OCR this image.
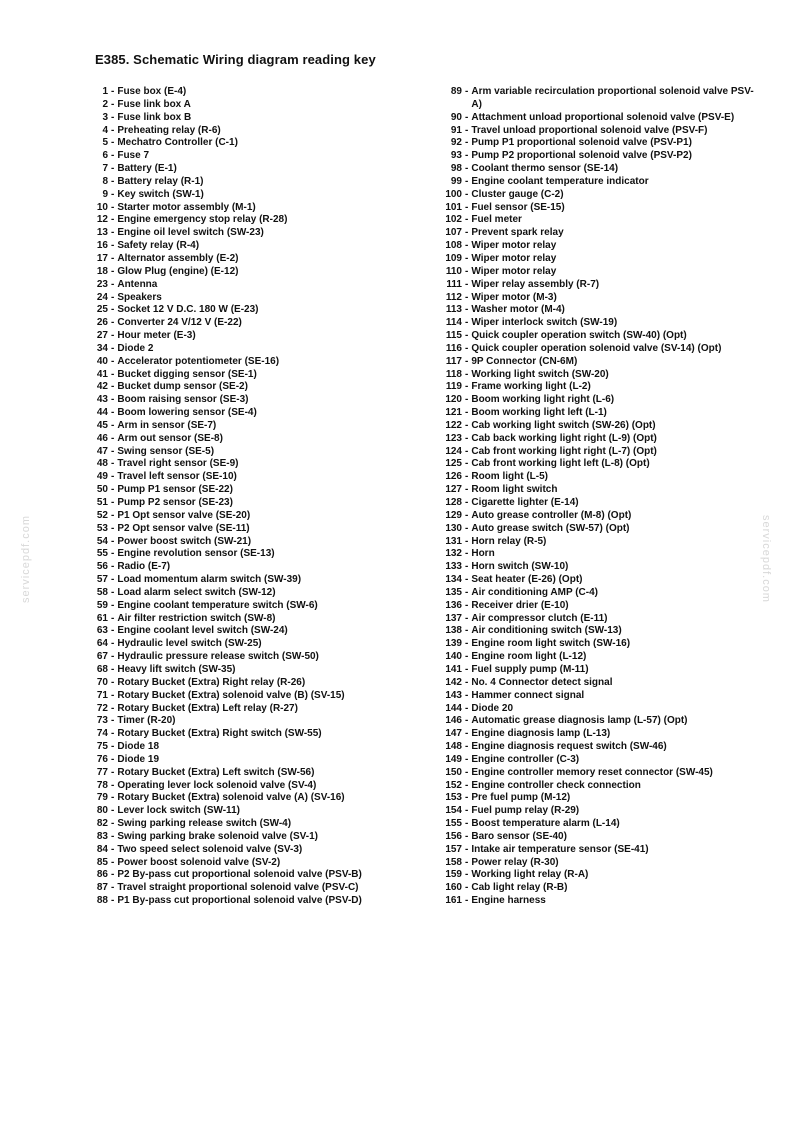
E385. Schematic Wiring diagram reading key
servicepdf.com	servicepdf.com
1 - Fuse box (E-4)
2 - Fuse link box A
3 - Fuse link box B
4 - Preheating relay (R-6)
5 - Mechatro Controller (C-1)
6 - Fuse 7
7 - Battery (E-1)
8 - Battery relay (R-1)
9 - Key switch (SW-1)
10 - Starter motor assembly (M-1)
12 - Engine emergency stop relay (R-28)
13 - Engine oil level switch (SW-23)
16 - Safety relay (R-4)
17 - Alternator assembly (E-2)
18 - Glow Plug (engine) (E-12)
23 - Antenna
24 - Speakers
25 - Socket 12 V D.C. 180 W (E-23)
26 - Converter 24 V/12 V (E-22)
27 - Hour meter (E-3)
34 - Diode 2
40 - Accelerator potentiometer (SE-16)
41 - Bucket digging sensor (SE-1)
42 - Bucket dump sensor (SE-2)
43 - Boom raising sensor (SE-3)
44 - Boom lowering sensor (SE-4)
45 - Arm in sensor (SE-7)
46 - Arm out sensor (SE-8)
47 - Swing sensor (SE-5)
48 - Travel right sensor (SE-9)
49 - Travel left sensor (SE-10)
50 - Pump P1 sensor (SE-22)
51 - Pump P2 sensor (SE-23)
52 - P1 Opt sensor valve (SE-20)
53 - P2 Opt sensor valve (SE-11)
54 - Power boost switch (SW-21)
55 - Engine revolution sensor (SE-13)
56 - Radio (E-7)
57 - Load momentum alarm switch (SW-39)
58 - Load alarm select switch (SW-12)
59 - Engine coolant temperature switch (SW-6)
61 - Air filter restriction switch (SW-8)
63 - Engine coolant level switch (SW-24)
64 - Hydraulic level switch (SW-25)
67 - Hydraulic pressure release switch (SW-50)
68 - Heavy lift switch (SW-35)
70 - Rotary Bucket (Extra) Right relay (R-26)
71 - Rotary Bucket (Extra) solenoid valve (B) (SV-15)
72 - Rotary Bucket (Extra) Left relay (R-27)
73 - Timer (R-20)
74 - Rotary Bucket (Extra) Right switch (SW-55)
75 - Diode 18
76 - Diode 19
77 - Rotary Bucket (Extra) Left switch (SW-56)
78 - Operating lever lock solenoid valve (SV-4)
79 - Rotary Bucket (Extra) solenoid valve (A) (SV-16)
80 - Lever lock switch (SW-11)
82 - Swing parking release switch (SW-4)
83 - Swing parking brake solenoid valve (SV-1)
84 - Two speed select solenoid valve (SV-3)
85 - Power boost solenoid valve (SV-2)
86 - P2 By-pass cut proportional solenoid valve (PSV-B)
87 - Travel straight proportional solenoid valve (PSV-C)
88 - P1 By-pass cut proportional solenoid valve (PSV-D)
89 - Arm variable recirculation proportional solenoid valve PSV-A)
90 - Attachment unload proportional solenoid valve (PSV-E)
91 - Travel unload proportional solenoid valve (PSV-F)
92 - Pump P1 proportional solenoid valve (PSV-P1)
93 - Pump P2 proportional solenoid valve (PSV-P2)
98 - Coolant thermo sensor (SE-14)
99 - Engine coolant temperature indicator
100 - Cluster gauge (C-2)
101 - Fuel sensor (SE-15)
102 - Fuel meter
107 - Prevent spark relay
108 - Wiper motor relay
109 - Wiper motor relay
110 - Wiper motor relay
111 - Wiper relay assembly (R-7)
112 - Wiper motor (M-3)
113 - Washer motor (M-4)
114 - Wiper interlock switch (SW-19)
115 - Quick coupler operation switch (SW-40) (Opt)
116 - Quick coupler operation solenoid valve (SV-14) (Opt)
117 - 9P Connector (CN-6M)
118 - Working light switch (SW-20)
119 - Frame working light (L-2)
120 - Boom working light right (L-6)
121 - Boom working light left (L-1)
122 - Cab working light switch (SW-26) (Opt)
123 - Cab back working light right (L-9) (Opt)
124 - Cab front working light right (L-7) (Opt)
125 - Cab front working light left (L-8) (Opt)
126 - Room light (L-5)
127 - Room light switch
128 - Cigarette lighter (E-14)
129 - Auto grease controller (M-8) (Opt)
130 - Auto grease switch (SW-57) (Opt)
131 - Horn relay (R-5)
132 - Horn
133 - Horn switch (SW-10)
134 - Seat heater (E-26) (Opt)
135 - Air conditioning AMP (C-4)
136 - Receiver drier (E-10)
137 - Air compressor clutch (E-11)
138 - Air conditioning switch (SW-13)
139 - Engine room light switch (SW-16)
140 - Engine room light (L-12)
141 - Fuel supply pump (M-11)
142 - No. 4 Connector detect signal
143 - Hammer connect signal
144 - Diode 20
146 - Automatic grease diagnosis lamp (L-57) (Opt)
147 - Engine diagnosis lamp (L-13)
148 - Engine diagnosis request switch (SW-46)
149 - Engine controller (C-3)
150 - Engine controller memory reset connector (SW-45)
152 - Engine controller check connection
153 - Pre fuel pump (M-12)
154 - Fuel pump relay (R-29)
155 - Boost temperature alarm (L-14)
156 - Baro sensor (SE-40)
157 - Intake air temperature sensor (SE-41)
158 - Power relay (R-30)
159 - Working light relay (R-A)
160 - Cab light relay (R-B)
161 - Engine harness
